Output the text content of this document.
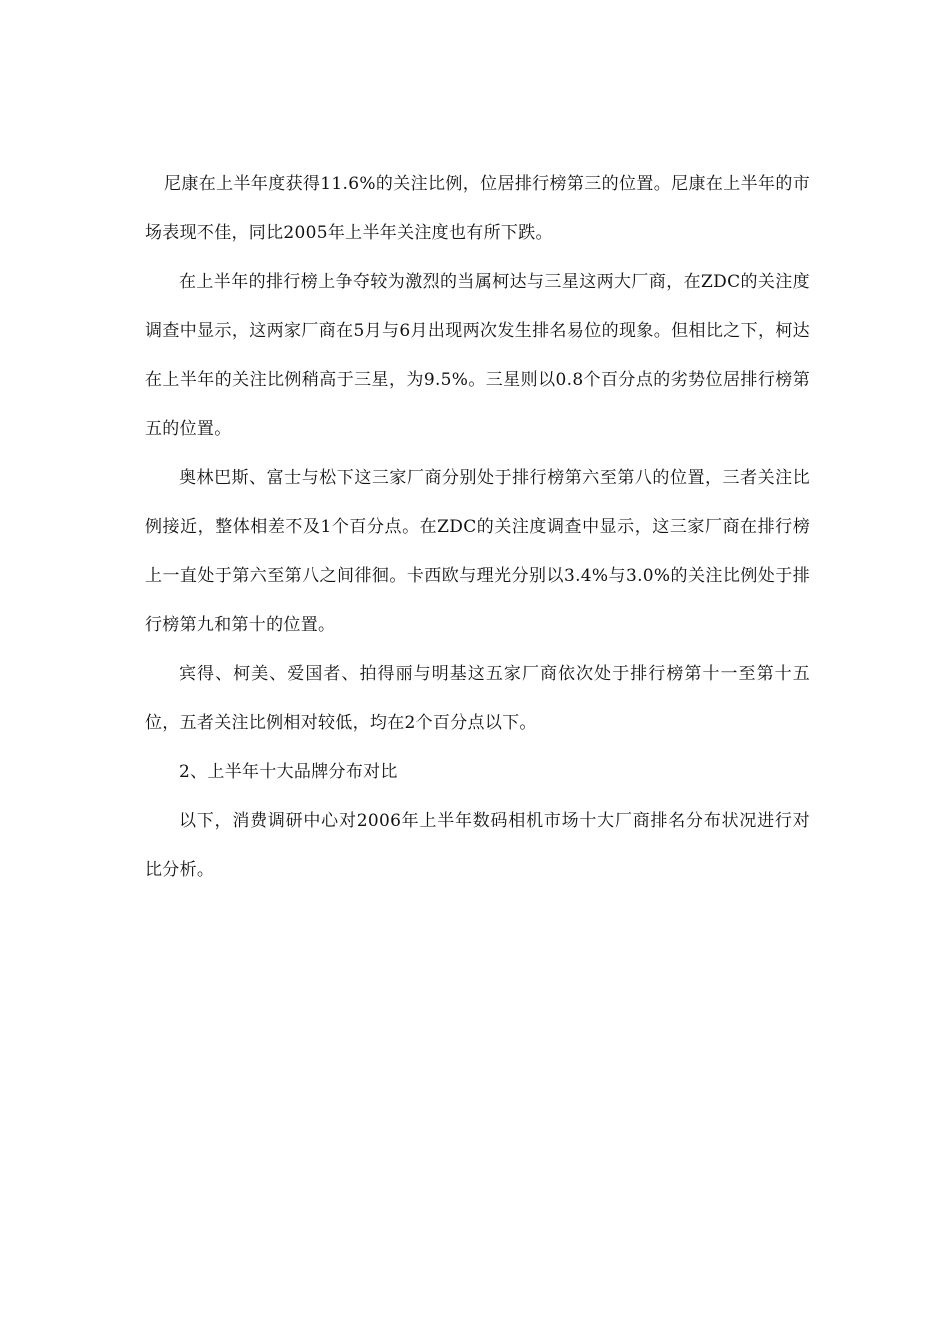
尼康在上半年度获得11.6%的关注比例，位居排行榜第三的位置。尼康在上半年的市场表现不佳，同比2005年上半年关注度也有所下跌。

在上半年的排行榜上争夺较为激烈的当属柯达与三星这两大厂商，在ZDC的关注度调查中显示，这两家厂商在5月与6月出现两次发生排名易位的现象。但相比之下，柯达在上半年的关注比例稍高于三星，为9.5%。三星则以0.8个百分点的劣势位居排行榜第五的位置。

奥林巴斯、富士与松下这三家厂商分别处于排行榜第六至第八的位置，三者关注比例接近，整体相差不及1个百分点。在ZDC的关注度调查中显示，这三家厂商在排行榜上一直处于第六至第八之间徘徊。卡西欧与理光分别以3.4%与3.0%的关注比例处于排行榜第九和第十的位置。

宾得、柯美、爱国者、拍得丽与明基这五家厂商依次处于排行榜第十一至第十五位，五者关注比例相对较低，均在2个百分点以下。

2、上半年十大品牌分布对比

以下，消费调研中心对2006年上半年数码相机市场十大厂商排名分布状况进行对比分析。
